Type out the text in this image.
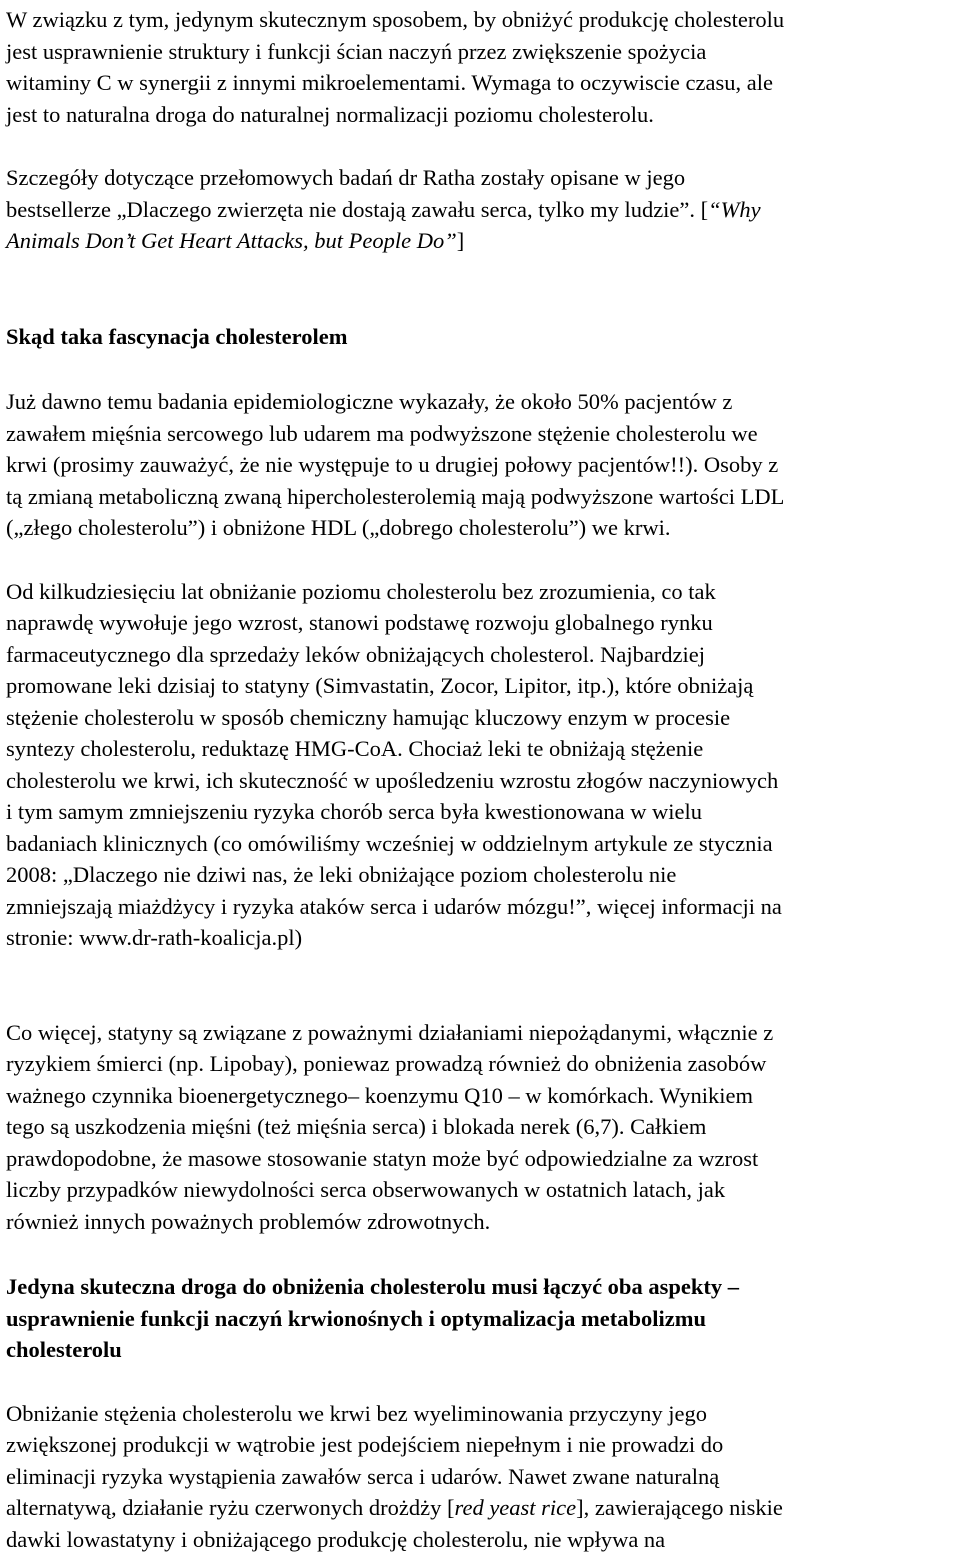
W związku z tym, jedynym skutecznym sposobem, by obniżyć produkcję cholesterolu
jest usprawnienie struktury i funkcji ścian naczyń przez zwiększenie spożycia
witaminy C w synergii z innymi mikroelementami. Wymaga to oczywiscie czasu, ale
jest to naturalna droga do naturalnej normalizacji poziomu cholesterolu.

Szczegóły dotyczące przełomowych badań dr Ratha zostały opisane w jego
bestsellerze „Dlaczego zwierzęta nie dostają zawału serca, tylko my ludzie”. [“Why
Animals Don’t Get Heart Attacks, but People Do”]

Skąd taka fascynacja cholesterolem

Już dawno temu badania epidemiologiczne wykazały, że około 50% pacjentów z
zawałem mięśnia sercowego lub udarem ma podwyższone stężenie cholesterolu we
krwi (prosimy zauważyć, że nie występuje to u drugiej połowy pacjentów!!). Osoby z
tą zmianą metaboliczną zwaną hipercholesterolemią mają podwyższone wartości LDL
(„złego cholesterolu”) i obniżone HDL („dobrego cholesterolu”) we krwi.

Od kilkudziesięciu lat obniżanie poziomu cholesterolu bez zrozumienia, co tak
naprawdę wywołuje jego wzrost, stanowi podstawę rozwoju globalnego rynku
farmaceutycznego dla sprzedaży leków obniżających cholesterol. Najbardziej
promowane leki dzisiaj to statyny (Simvastatin, Zocor, Lipitor, itp.), które obniżają
stężenie cholesterolu w sposób chemiczny hamując kluczowy enzym w procesie
syntezy cholesterolu, reduktazę HMG-CoA. Chociaż leki te obniżają stężenie
cholesterolu we krwi, ich skuteczność w upośledzeniu wzrostu złogów naczyniowych
i tym samym zmniejszeniu ryzyka chorób serca była kwestionowana w wielu
badaniach klinicznych (co omówiliśmy wcześniej w oddzielnym artykule ze stycznia
2008: „Dlaczego nie dziwi nas, że leki obniżające poziom cholesterolu nie
zmniejszają miażdżycy i ryzyka ataków serca i udarów mózgu!”, więcej informacji na
stronie: www.dr-rath-koalicja.pl)

Co więcej, statyny są związane z poważnymi działaniami niepożądanymi, włącznie z
ryzykiem śmierci (np. Lipobay), poniewaz prowadzą również do obniżenia zasobów
ważnego czynnika bioenergetycznego– koenzymu Q10 – w komórkach. Wynikiem
tego są uszkodzenia mięśni (też mięśnia serca) i blokada nerek (6,7). Całkiem
prawdopodobne, że masowe stosowanie statyn może być odpowiedzialne za wzrost
liczby przypadków niewydolności serca obserwowanych w ostatnich latach, jak
również innych poważnych problemów zdrowotnych.

Jedyna skuteczna droga do obniżenia cholesterolu musi łączyć oba aspekty –
usprawnienie funkcji naczyń krwionośnych i optymalizacja metabolizmu
cholesterolu

Obniżanie stężenia cholesterolu we krwi bez wyeliminowania przyczyny jego
zwiększonej produkcji w wątrobie jest podejściem niepełnym i nie prowadzi do
eliminacji ryzyka wystąpienia zawałów serca i udarów. Nawet zwane naturalną
alternatywą, działanie ryżu czerwonych drożdży [red yeast rice], zawierającego niskie
dawki lowastatyny i obniżającego produkcję cholesterolu, nie wpływa na
